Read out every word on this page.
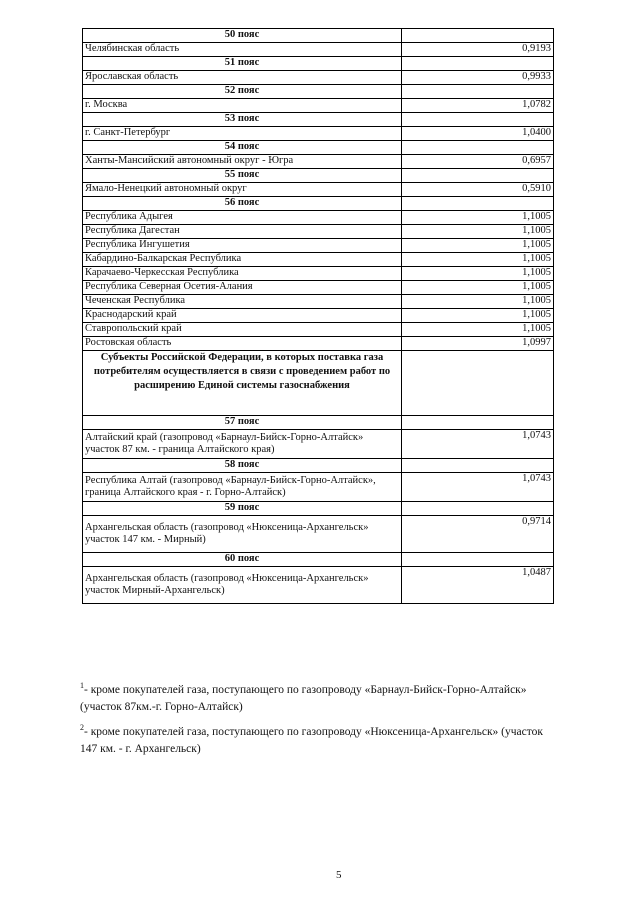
50 пояс	
Челябинская область	0,9193
51 пояс	
Ярославская область	0,9933
52 пояс	
г. Москва	1,0782
53 пояс	
г. Санкт-Петербург	1,0400
54 пояс	
Ханты-Мансийский автономный округ - Югра	0,6957
55 пояс	
Ямало-Ненецкий автономный округ	0,5910
56 пояс	
Республика Адыгея	1,1005
Республика Дагестан	1,1005
Республика Ингушетия	1,1005
Кабардино-Балкарская Республика	1,1005
Карачаево-Черкесская Республика	1,1005
Республика Северная Осетия-Алания	1,1005
Чеченская Республика	1,1005
Краснодарский край	1,1005
Ставропольский край	1,1005
Ростовская область	1,0997
Субъекты Российской Федерации, в которых поставка газа потребителям осуществляется в связи с проведением работ по расширению Единой системы газоснабжения	
57 пояс	
Алтайский край (газопровод «Барнаул-Бийск-Горно-Алтайск» участок 87 км. - граница Алтайского края)	1,0743
58 пояс	
Республика Алтай (газопровод «Барнаул-Бийск-Горно-Алтайск», граница Алтайского края - г. Горно-Алтайск)	1,0743
59 пояс	
Архангельская область (газопровод «Нюксеница-Архангельск» участок 147 км. - Мирный)	0,9714
60 пояс	
Архангельская область (газопровод «Нюксеница-Архангельск» участок Мирный-Архангельск)	1,0487
$^1$- кроме покупателей газа, поступающего по газопроводу «Барнаул-Бийск-Горно-Алтайск» (участок 87км.-г. Горно-Алтайск)
$^2$- кроме покупателей газа, поступающего по газопроводу «Нюксеница-Архангельск» (участок 147 км. - г. Архангельск)
5
